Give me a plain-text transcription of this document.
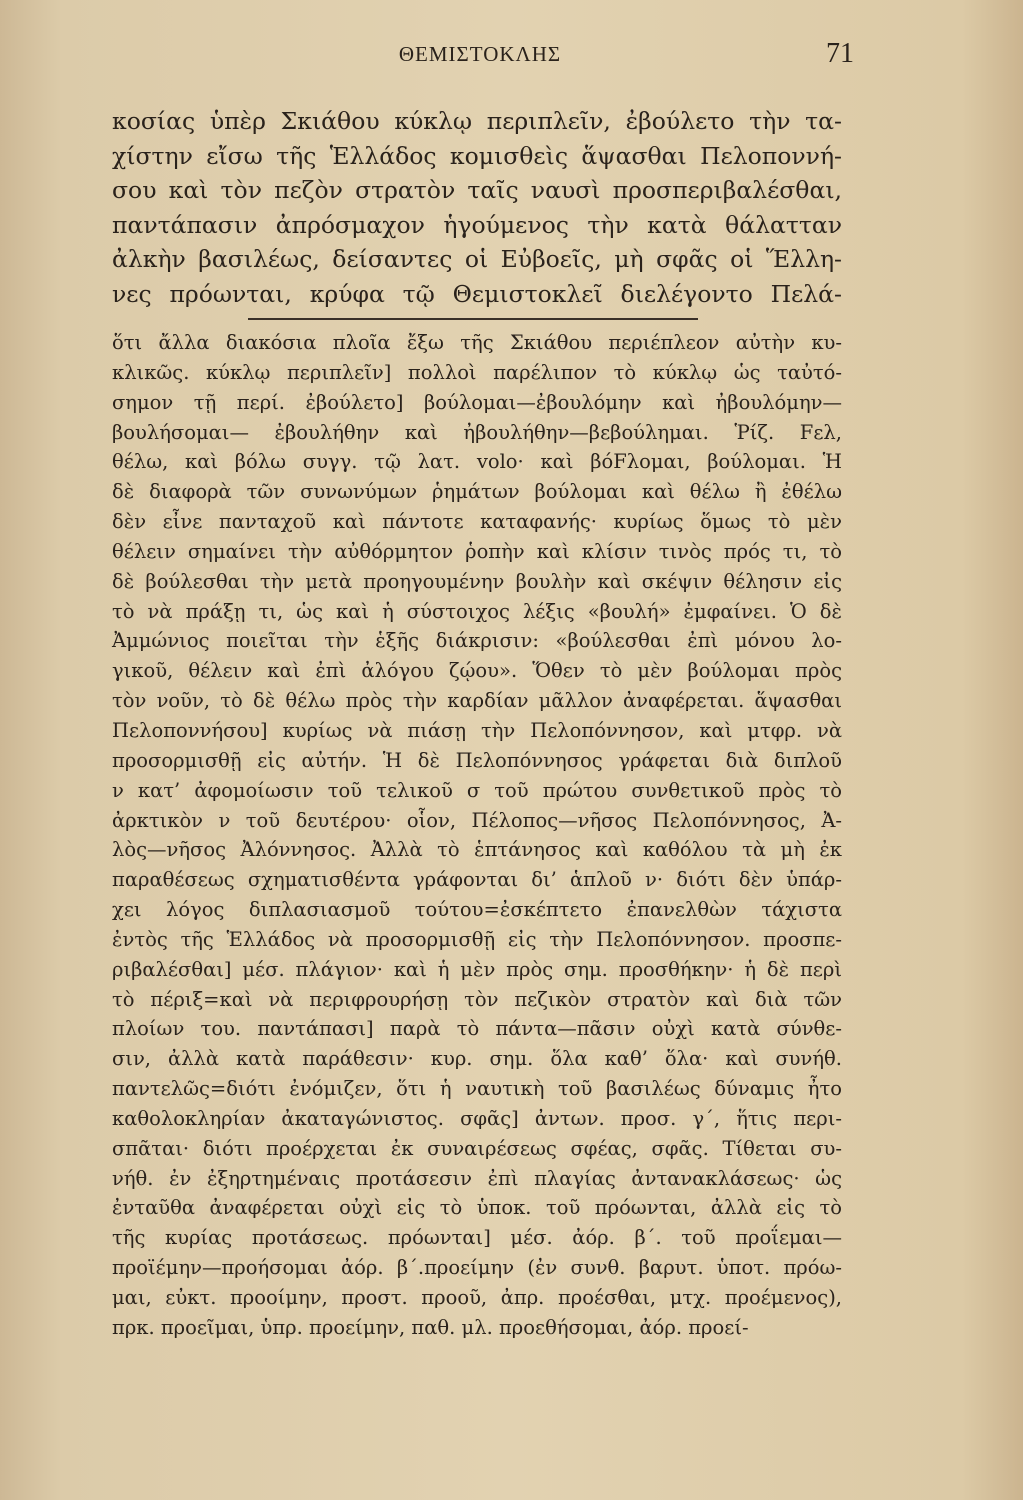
ΘΕΜΙΣΤΟΚΛΗΣ	71
κοσίας ὑπὲρ Σκιάθου κύκλῳ περιπλεῖν, ἐβούλετο τὴν τα-
χίστην εἴσω τῆς Ἑλλάδος κομισθεὶς ἅψασθαι Πελοποννή-
σου καὶ τὸν πεζὸν στρατὸν ταῖς ναυσὶ προσπεριβαλέσθαι,
παντάπασιν ἀπρόσμαχον ἡγούμενος τὴν κατὰ θάλατταν
ἀλκὴν βασιλέως, δείσαντες οἱ Εὐβοεῖς, μὴ σφᾶς οἱ Ἕλλη-
νες πρόωνται, κρύφα τῷ Θεμιστοκλεῖ διελέγοντο Πελά-
ὅτι ἄλλα διακόσια πλοῖα ἔξω τῆς Σκιάθου περιέπλεον αὐτὴν κυ-
κλικῶς. κύκλῳ περιπλεῖν] πολλοὶ παρέλιπον τὸ κύκλῳ ὡς ταὐτό-
σημον τῇ περί. ἐβούλετο] βούλομαι—ἐβουλόμην καὶ ἠβουλόμην—
βουλήσομαι— ἐβουλήθην καὶ ἠβουλήθην—βεβούλημαι. Ῥίζ. Fελ,
θέλω, καὶ βόλω συγγ. τῷ λατ. volo· καὶ βόFλομαι, βούλομαι. Ἡ
δὲ διαφορὰ τῶν συνωνύμων ῥημάτων βούλομαι καὶ θέλω ἢ ἐθέλω
δὲν εἶνε πανταχοῦ καὶ πάντοτε καταφανής· κυρίως ὅμως τὸ μὲν
θέλειν σημαίνει τὴν αὐθόρμητον ῥοπὴν καὶ κλίσιν τινὸς πρός τι, τὸ
δὲ βούλεσθαι τὴν μετὰ προηγουμένην βουλὴν καὶ σκέψιν θέλησιν εἰς
τὸ νὰ πράξῃ τι, ὡς καὶ ἡ σύστοιχος λέξις «βουλή» ἐμφαίνει. Ὁ δὲ
Ἀμμώνιος ποιεῖται τὴν ἑξῆς διάκρισιν: «βούλεσθαι ἐπὶ μόνου λο-
γικοῦ, θέλειν καὶ ἐπὶ ἀλόγου ζῴου». Ὅθεν τὸ μὲν βούλομαι πρὸς
τὸν νοῦν, τὸ δὲ θέλω πρὸς τὴν καρδίαν μᾶλλον ἀναφέρεται. ἅψασθαι
Πελοποννήσου] κυρίως νὰ πιάσῃ τὴν Πελοπόννησον, καὶ μτφρ. νὰ
προσορμισθῇ εἰς αὐτήν. Ἡ δὲ Πελοπόννησος γράφεται διὰ διπλοῦ
ν κατ’ ἀφομοίωσιν τοῦ τελικοῦ σ τοῦ πρώτου συνθετικοῦ πρὸς τὸ
ἀρκτικὸν ν τοῦ δευτέρου· οἷον, Πέλοπος—νῆσος Πελοπόννησος, Ἀ-
λὸς—νῆσος Ἀλόννησος. Ἀλλὰ τὸ ἑπτάνησος καὶ καθόλου τὰ μὴ ἐκ
παραθέσεως σχηματισθέντα γράφονται δι’ ἁπλοῦ ν· διότι δὲν ὑπάρ-
χει λόγος διπλασιασμοῦ τούτου=ἐσκέπτετο ἐπανελθὼν τάχιστα
ἐντὸς τῆς Ἑλλάδος νὰ προσορμισθῇ εἰς τὴν Πελοπόννησον. προσπε-
ριβαλέσθαι] μέσ. πλάγιον· καὶ ἡ μὲν πρὸς σημ. προσθήκην· ἡ δὲ περὶ
τὸ πέριξ=καὶ νὰ περιφρουρήσῃ τὸν πεζικὸν στρατὸν καὶ διὰ τῶν
πλοίων του. παντάπασι] παρὰ τὸ πάντα—πᾶσιν οὐχὶ κατὰ σύνθε-
σιν, ἀλλὰ κατὰ παράθεσιν· κυρ. σημ. ὅλα καθ’ ὅλα· καὶ συνήθ.
παντελῶς=διότι ἐνόμιζεν, ὅτι ἡ ναυτικὴ τοῦ βασιλέως δύναμις ἦτο
καθολοκληρίαν ἀκαταγώνιστος. σφᾶς] ἀντων. προσ. γ´, ἥτις περι-
σπᾶται· διότι προέρχεται ἐκ συναιρέσεως σφέας, σφᾶς. Τίθεται συ-
νήθ. ἐν ἐξηρτημέναις προτάσεσιν ἐπὶ πλαγίας ἀντανακλάσεως· ὡς
ἐνταῦθα ἀναφέρεται οὐχὶ εἰς τὸ ὑποκ. τοῦ πρόωνται, ἀλλὰ εἰς τὸ
τῆς κυρίας προτάσεως. πρόωνται] μέσ. ἀόρ. β´. τοῦ προΐεμαι—
προϊέμην—προήσομαι ἀόρ. β´.προείμην (ἐν συνθ. βαρυτ. ὑποτ. πρόω-
μαι, εὐκτ. προοίμην, προστ. προοῦ, ἀπρ. προέσθαι, μτχ. προέμενος),
πρκ. προεῖμαι, ὑπρ. προείμην, παθ. μλ. προεθήσομαι, ἀόρ. προεί-
